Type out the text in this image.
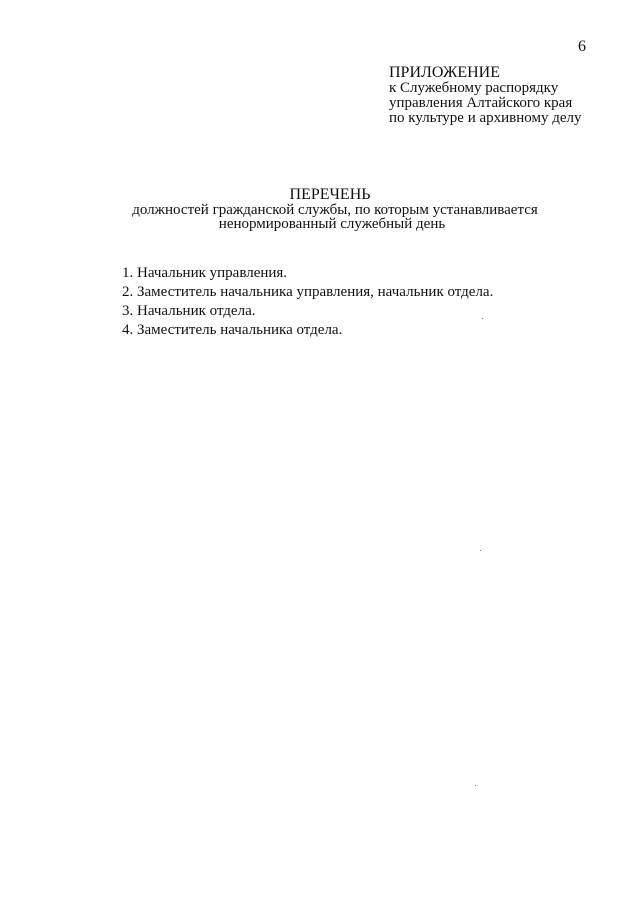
6
ПРИЛОЖЕНИЕ
к Служебному распорядку
управления Алтайского края
по культуре и архивному делу
ПЕРЕЧЕНЬ
должностей гражданской службы, по которым устанавливается
ненормированный служебный день
1. Начальник управления.
2. Заместитель начальника управления, начальник отдела.
3. Начальник отдела.
4. Заместитель начальника отдела.
